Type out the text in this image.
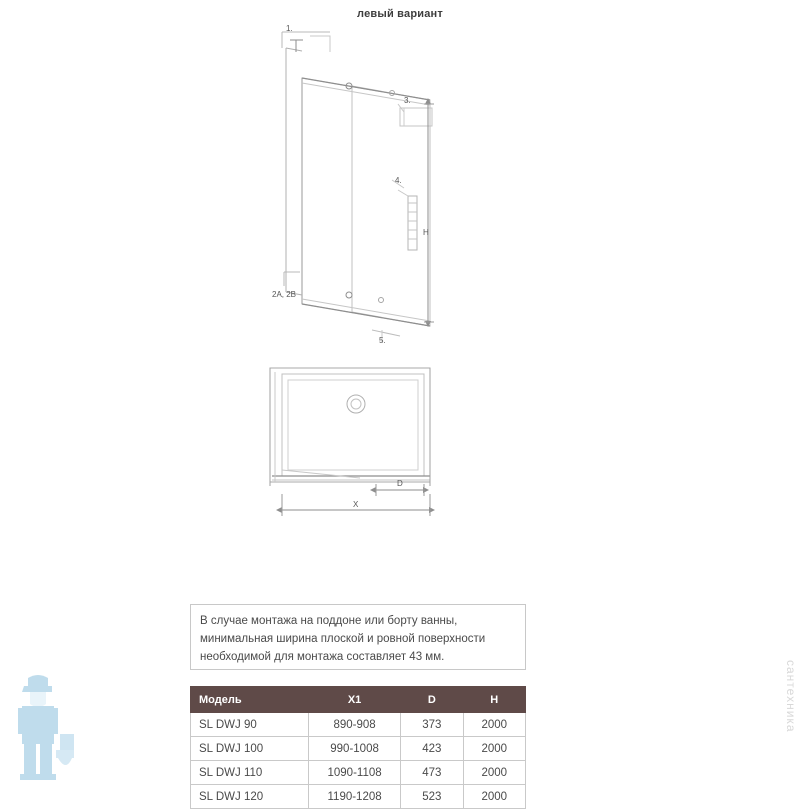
левый вариант
1.
3.
4.
2A, 2B
5.
H
D
X
В случае монтажа на поддоне или борту ванны, минимальная ширина плоской и ровной поверхности необходимой для монтажа составляет 43 мм.
Модель	X1	D	H
SL DWJ 90	890-908	373	2000
SL DWJ 100	990-1008	423	2000
SL DWJ 110	1090-1108	473	2000
SL DWJ 120	1190-1208	523	2000
сантехника
